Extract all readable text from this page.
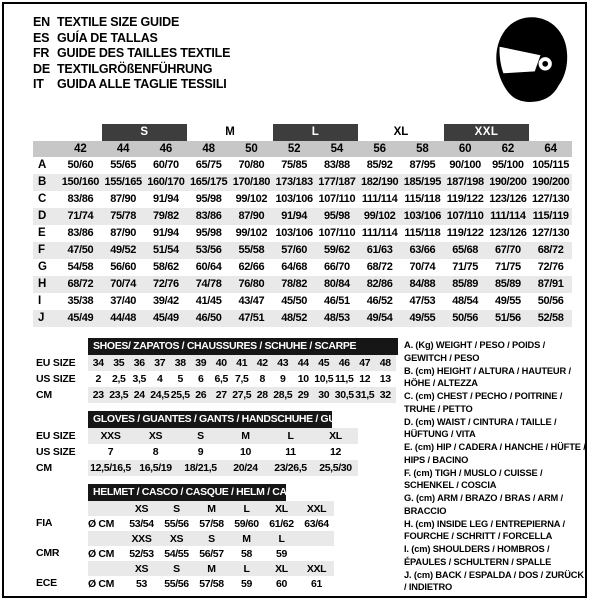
EN TEXTILE SIZE GUIDE
ES GUÍA DE TALLAS
FR GUIDE DES TAILLES TEXTILE
DE TEXTILGRÖßENFÜHRUNG
IT	GUIDA ALLE TAGLIE TESSILI
S	M	L	XL	XXL
42	44	46	48	50	52	54	56	58	60	62	64
A	50/60	55/65	60/70	65/75	70/80	75/85	83/88	85/92	87/95	90/100	95/100 105/115
B	150/160 155/165 160/170 165/175 170/180 173/183 177/187 182/190 185/195 187/198 190/200 190/200
C	83/86	87/90	91/94	95/98	99/102 103/106 107/110 111/114 115/118 119/122 123/126 127/130
D	71/74	75/78	79/82	83/86	87/90	91/94	95/98	99/102 103/106 107/110 111/114 115/119
E	83/86	87/90	91/94	95/98	99/102 103/106 107/110 111/114 115/118 119/122 123/126 127/130
F	47/50	49/52	51/54	53/56	55/58	57/60	59/62	61/63	63/66	65/68	67/70	68/72
G	54/58	56/60	58/62	60/64	62/66	64/68	66/70	68/72	70/74	71/75	71/75	72/76
H	68/72	70/74	72/76	74/78	76/80	78/82	80/84	82/86	84/88	85/89	85/89	87/91
I	35/38	37/40	39/42	41/45	43/47	45/50	46/51	46/52	47/53	48/54	49/55	50/56
J	45/49	44/48	45/49	46/50	47/51	48/52	48/53	49/54	49/55	50/56	51/56	52/58
SHOES/ ZAPATOS / CHAUSSURES / SCHUHE / SCARPE
EU SIZE	34 35 36 37 38 39 40 41 42 43 44 45 46 47 48
US SIZE	2	2,5 3,5	4	5	6	6,5 7,5	8	9	10 10,5 11,5 12 13
CM	23 23,5 24 24,5 25,5 26 27 27,5 28 28,5 29 30 30,5 31,5 32
GLOVES / GUANTES / GANTS / HANDSCHUHE / GUANTI
EU SIZE	XXS	XS	S	M	L	XL
US SIZE	7	8	9	10	11	12
CM	12,5/16,5 16,5/19	18/21,5	20/24	23/26,5	25,5/30
HELMET / CASCO / CASQUE / HELM / CASCO
XS	S	M	L	XL	XXL
FIA	Ø CM	53/54 55/56 57/58 59/60 61/62 63/64
XXS	XS	S	M	L
CMR	Ø CM	52/53 54/55 56/57	58	59
XS	S	M	L	XL	XXL
ECE	Ø CM	53	55/56 57/58	59	60	61
A. (Kg) WEIGHT / PESO / POIDS / GEWITCH / PESO
B. (cm) HEIGHT / ALTURA / HAUTEUR / HÖHE / ALTEZZA
C. (cm) CHEST / PECHO / POITRINE / TRUHE / PETTO
D. (cm) WAIST / CINTURA / TAILLE / HÜFTUNG / VITA
E. (cm) HIP / CADERA / HANCHE / HÜFTE / HIPS / BACINO
F. (cm) TIGH / MUSLO / CUISSE / SCHENKEL / COSCIA
G. (cm) ARM / BRAZO / BRAS / ARM / BRACCIO
H. (cm) INSIDE LEG / ENTREPIERNA / FOURCHE / SCHRITT / FORCELLA
I. (cm) SHOULDERS / HOMBROS / ÉPAULES / SCHULTERN / SPALLE
J. (cm) BACK / ESPALDA / DOS / ZURÜCK / INDIETRO
